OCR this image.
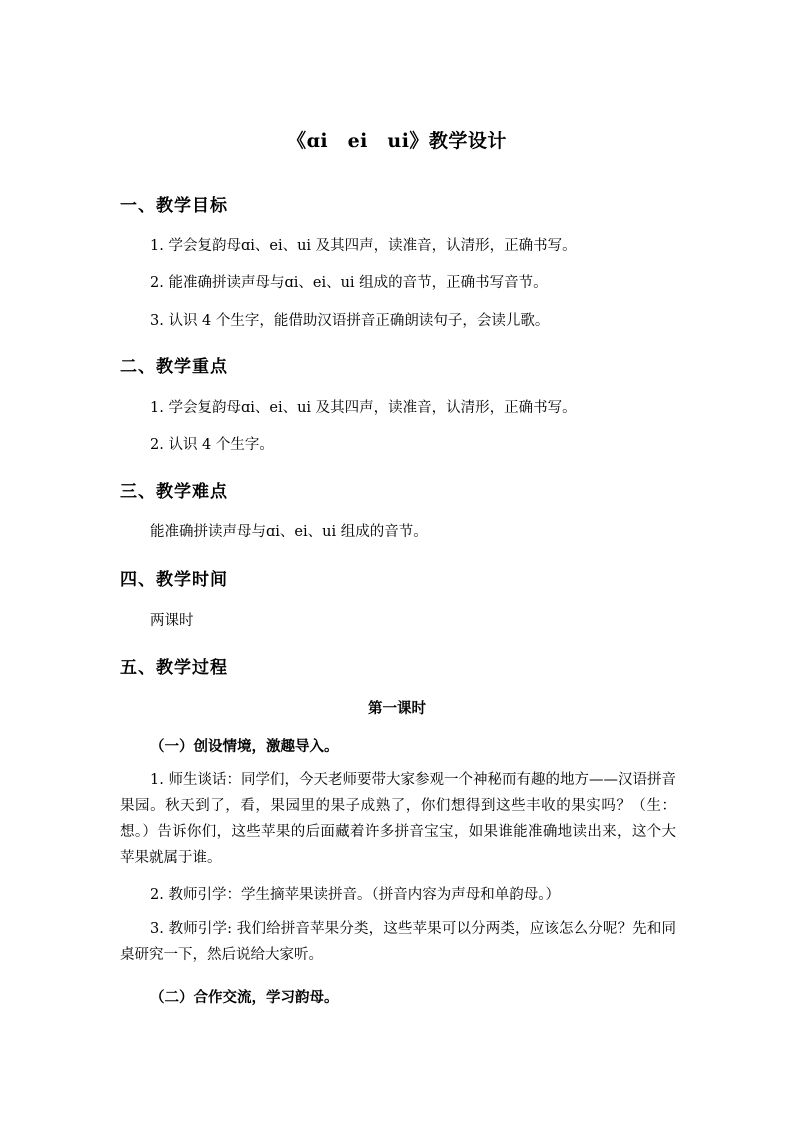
《ɑi　ei　ui》教学设计
一、教学目标
1. 学会复韵母ɑi、ei、ui 及其四声，读准音，认清形，正确书写。
2. 能准确拼读声母与ɑi、ei、ui 组成的音节，正确书写音节。
3. 认识 4 个生字，能借助汉语拼音正确朗读句子，会读儿歌。
二、教学重点
1. 学会复韵母ɑi、ei、ui 及其四声，读准音，认清形，正确书写。
2. 认识 4 个生字。
三、教学难点
能准确拼读声母与ɑi、ei、ui 组成的音节。
四、教学时间
两课时
五、教学过程
第一课时
（一）创设情境，激趣导入。
1. 师生谈话：同学们，今天老师要带大家参观一个神秘而有趣的地方——汉语拼音果园。秋天到了，看，果园里的果子成熟了，你们想得到这些丰收的果实吗？（生：想。）告诉你们，这些苹果的后面藏着许多拼音宝宝，如果谁能准确地读出来，这个大苹果就属于谁。
2. 教师引学：学生摘苹果读拼音。（拼音内容为声母和单韵母。）
3. 教师引学: 我们给拼音苹果分类，这些苹果可以分两类，应该怎么分呢？先和同桌研究一下，然后说给大家听。
（二）合作交流，学习韵母。
